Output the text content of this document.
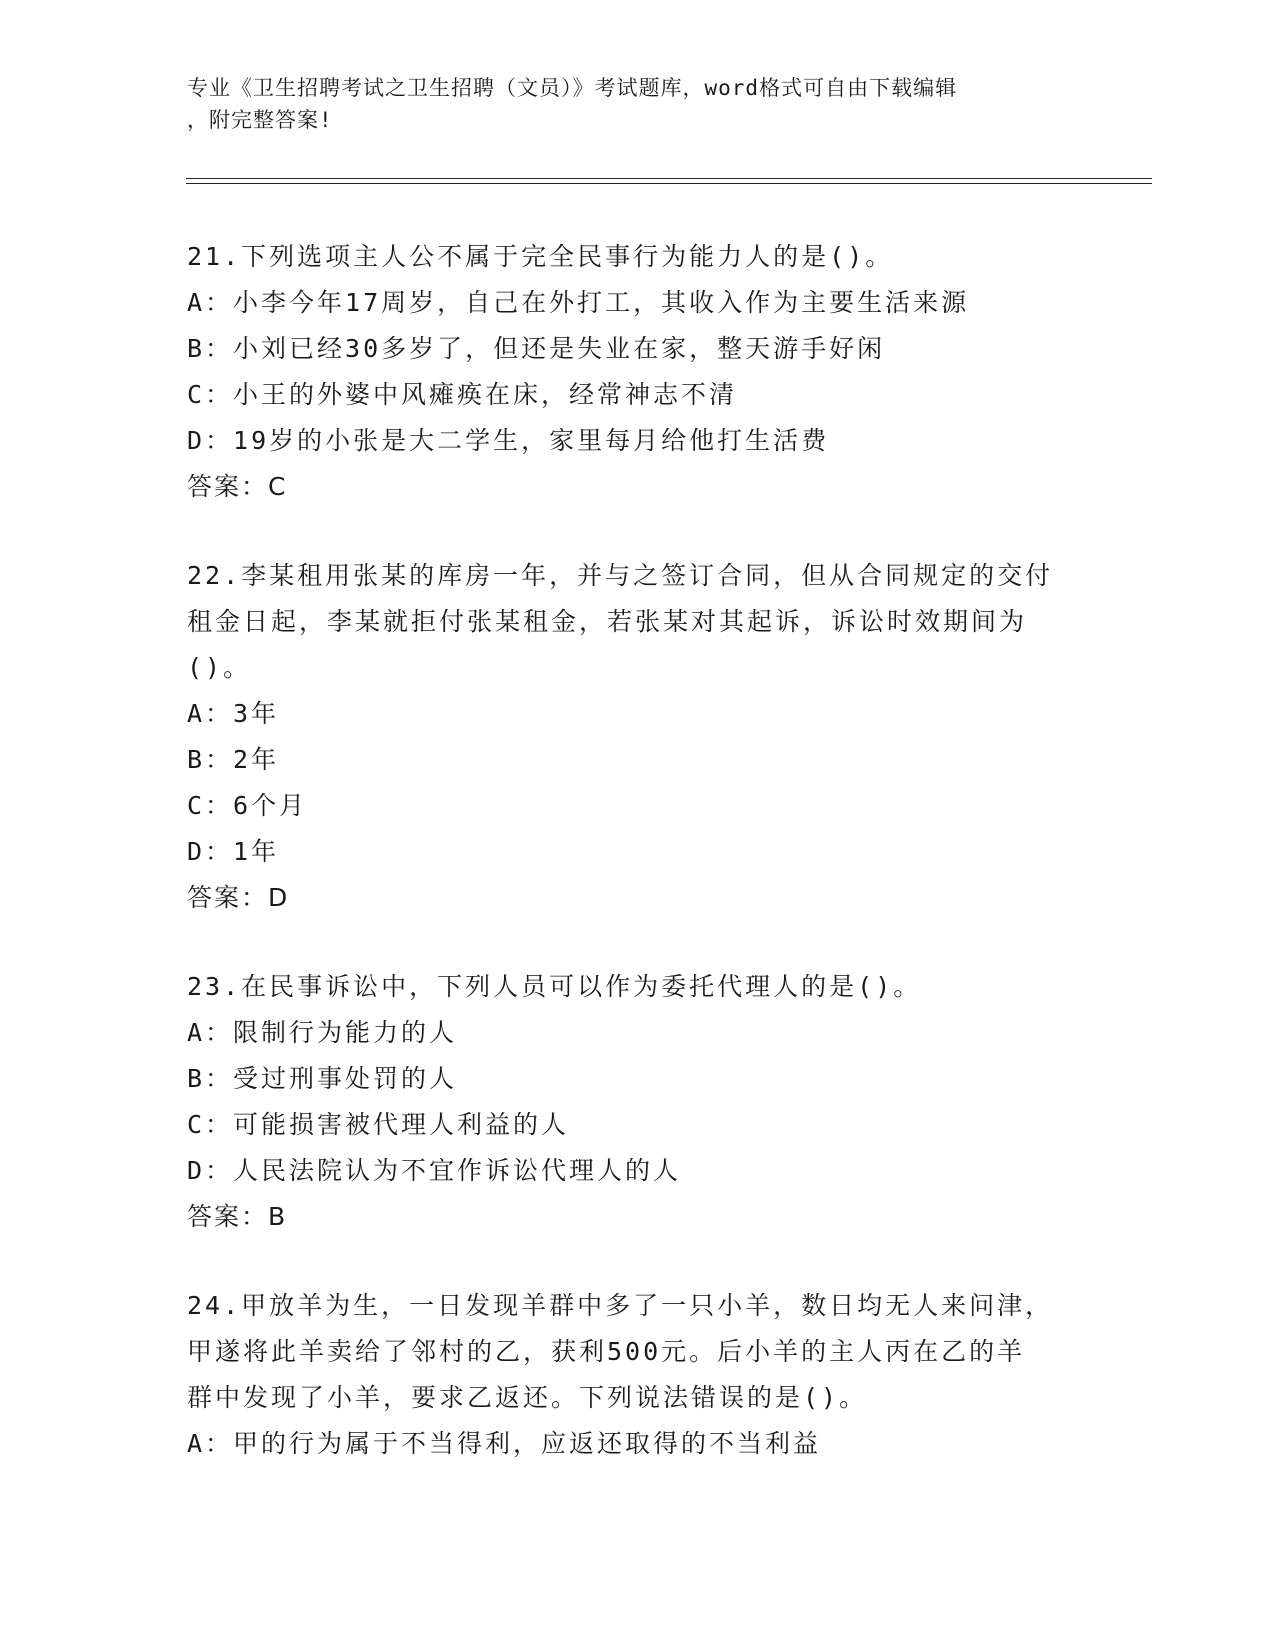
专业《卫生招聘考试之卫生招聘（文员）》考试题库，word格式可自由下载编辑
，附完整答案!
21.下列选项主人公不属于完全民事行为能力人的是()。
A：小李今年17周岁，自己在外打工，其收入作为主要生活来源
B：小刘已经30多岁了，但还是失业在家，整天游手好闲
C：小王的外婆中风瘫痪在床，经常神志不清
D：19岁的小张是大二学生，家里每月给他打生活费
答案：C
22.李某租用张某的库房一年，并与之签订合同，但从合同规定的交付
租金日起，李某就拒付张某租金，若张某对其起诉，诉讼时效期间为
()。
A：3年
B：2年
C：6个月
D：1年
答案：D
23.在民事诉讼中，下列人员可以作为委托代理人的是()。
A：限制行为能力的人
B：受过刑事处罚的人
C：可能损害被代理人利益的人
D：人民法院认为不宜作诉讼代理人的人
答案：B
24.甲放羊为生，一日发现羊群中多了一只小羊，数日均无人来问津，
甲遂将此羊卖给了邻村的乙，获利500元。后小羊的主人丙在乙的羊
群中发现了小羊，要求乙返还。下列说法错误的是()。
A：甲的行为属于不当得利，应返还取得的不当利益
